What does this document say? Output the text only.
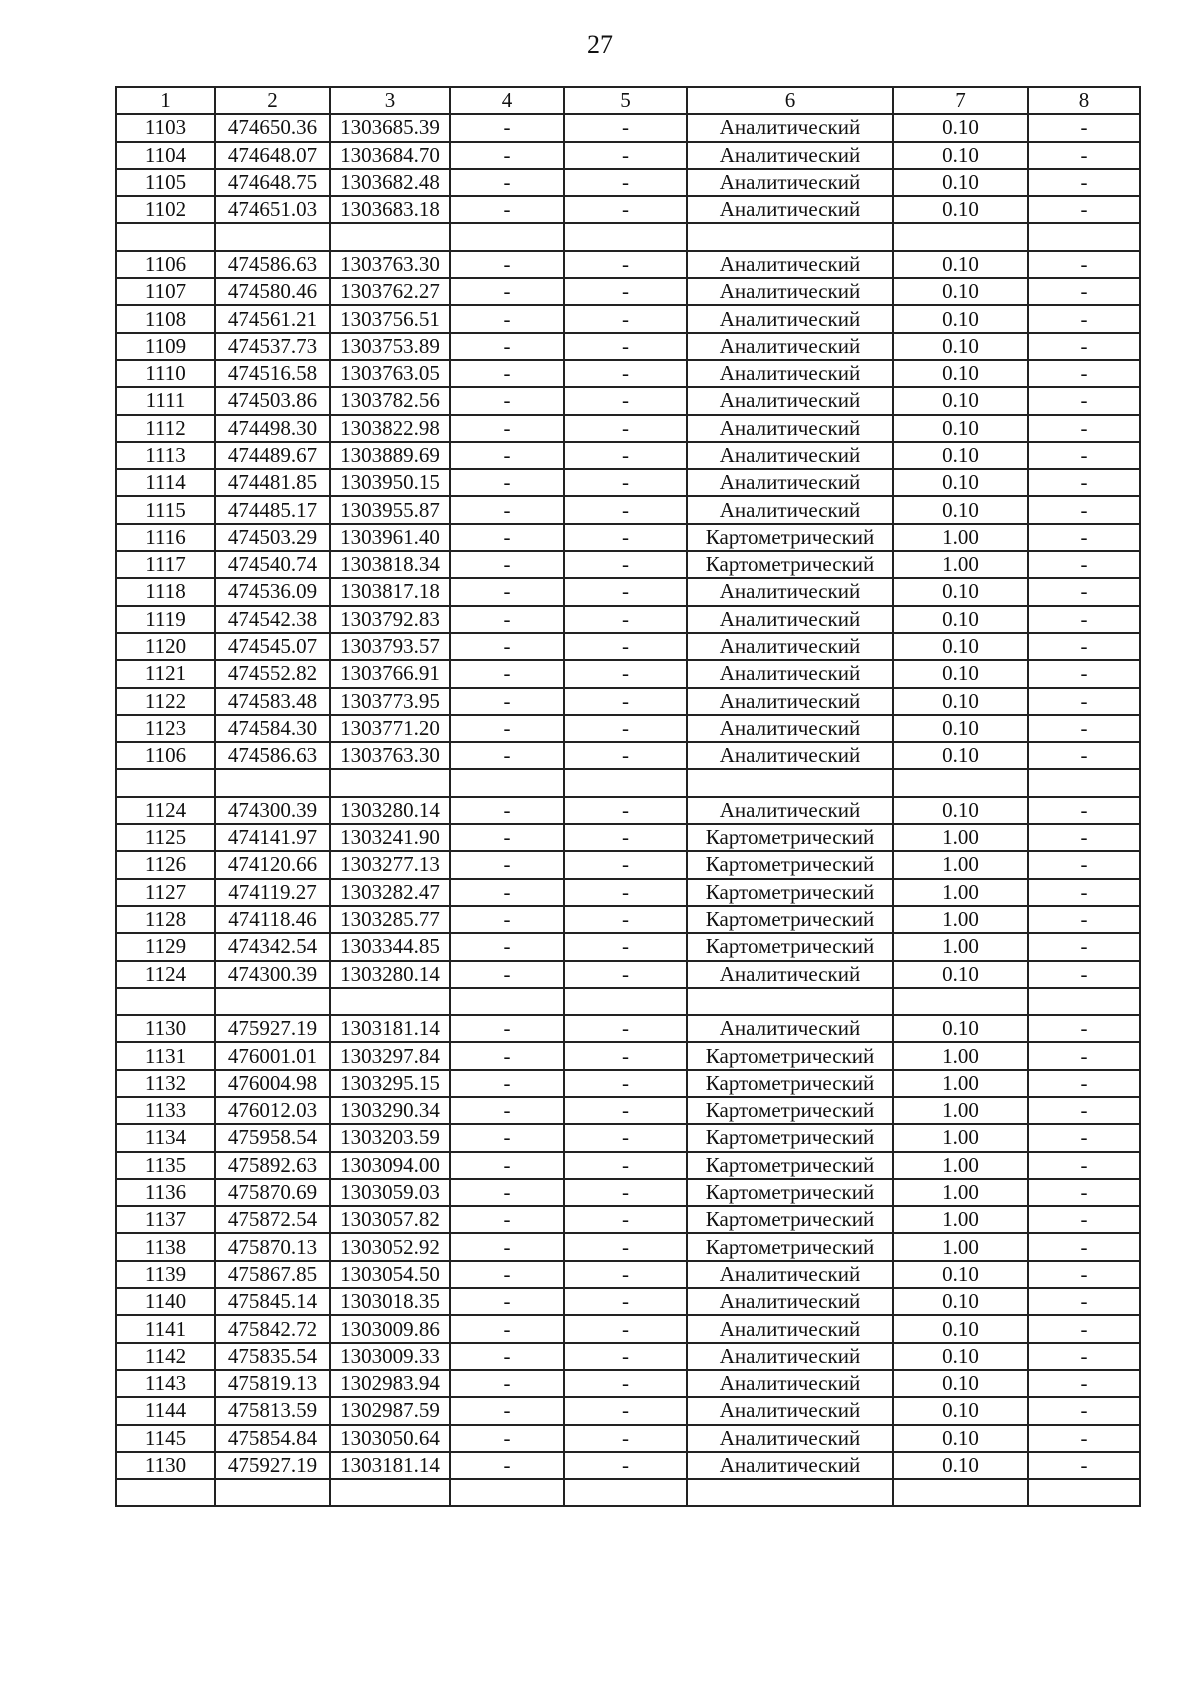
27
1	2	3	4	5	6	7	8
1103	474650.36	1303685.39	-	-	Аналитический	0.10	-
1104	474648.07	1303684.70	-	-	Аналитический	0.10	-
1105	474648.75	1303682.48	-	-	Аналитический	0.10	-
1102	474651.03	1303683.18	-	-	Аналитический	0.10	-

1106	474586.63	1303763.30	-	-	Аналитический	0.10	-
1107	474580.46	1303762.27	-	-	Аналитический	0.10	-
1108	474561.21	1303756.51	-	-	Аналитический	0.10	-
1109	474537.73	1303753.89	-	-	Аналитический	0.10	-
1110	474516.58	1303763.05	-	-	Аналитический	0.10	-
1111	474503.86	1303782.56	-	-	Аналитический	0.10	-
1112	474498.30	1303822.98	-	-	Аналитический	0.10	-
1113	474489.67	1303889.69	-	-	Аналитический	0.10	-
1114	474481.85	1303950.15	-	-	Аналитический	0.10	-
1115	474485.17	1303955.87	-	-	Аналитический	0.10	-
1116	474503.29	1303961.40	-	-	Картометрический	1.00	-
1117	474540.74	1303818.34	-	-	Картометрический	1.00	-
1118	474536.09	1303817.18	-	-	Аналитический	0.10	-
1119	474542.38	1303792.83	-	-	Аналитический	0.10	-
1120	474545.07	1303793.57	-	-	Аналитический	0.10	-
1121	474552.82	1303766.91	-	-	Аналитический	0.10	-
1122	474583.48	1303773.95	-	-	Аналитический	0.10	-
1123	474584.30	1303771.20	-	-	Аналитический	0.10	-
1106	474586.63	1303763.30	-	-	Аналитический	0.10	-

1124	474300.39	1303280.14	-	-	Аналитический	0.10	-
1125	474141.97	1303241.90	-	-	Картометрический	1.00	-
1126	474120.66	1303277.13	-	-	Картометрический	1.00	-
1127	474119.27	1303282.47	-	-	Картометрический	1.00	-
1128	474118.46	1303285.77	-	-	Картометрический	1.00	-
1129	474342.54	1303344.85	-	-	Картометрический	1.00	-
1124	474300.39	1303280.14	-	-	Аналитический	0.10	-

1130	475927.19	1303181.14	-	-	Аналитический	0.10	-
1131	476001.01	1303297.84	-	-	Картометрический	1.00	-
1132	476004.98	1303295.15	-	-	Картометрический	1.00	-
1133	476012.03	1303290.34	-	-	Картометрический	1.00	-
1134	475958.54	1303203.59	-	-	Картометрический	1.00	-
1135	475892.63	1303094.00	-	-	Картометрический	1.00	-
1136	475870.69	1303059.03	-	-	Картометрический	1.00	-
1137	475872.54	1303057.82	-	-	Картометрический	1.00	-
1138	475870.13	1303052.92	-	-	Картометрический	1.00	-
1139	475867.85	1303054.50	-	-	Аналитический	0.10	-
1140	475845.14	1303018.35	-	-	Аналитический	0.10	-
1141	475842.72	1303009.86	-	-	Аналитический	0.10	-
1142	475835.54	1303009.33	-	-	Аналитический	0.10	-
1143	475819.13	1302983.94	-	-	Аналитический	0.10	-
1144	475813.59	1302987.59	-	-	Аналитический	0.10	-
1145	475854.84	1303050.64	-	-	Аналитический	0.10	-
1130	475927.19	1303181.14	-	-	Аналитический	0.10	-
